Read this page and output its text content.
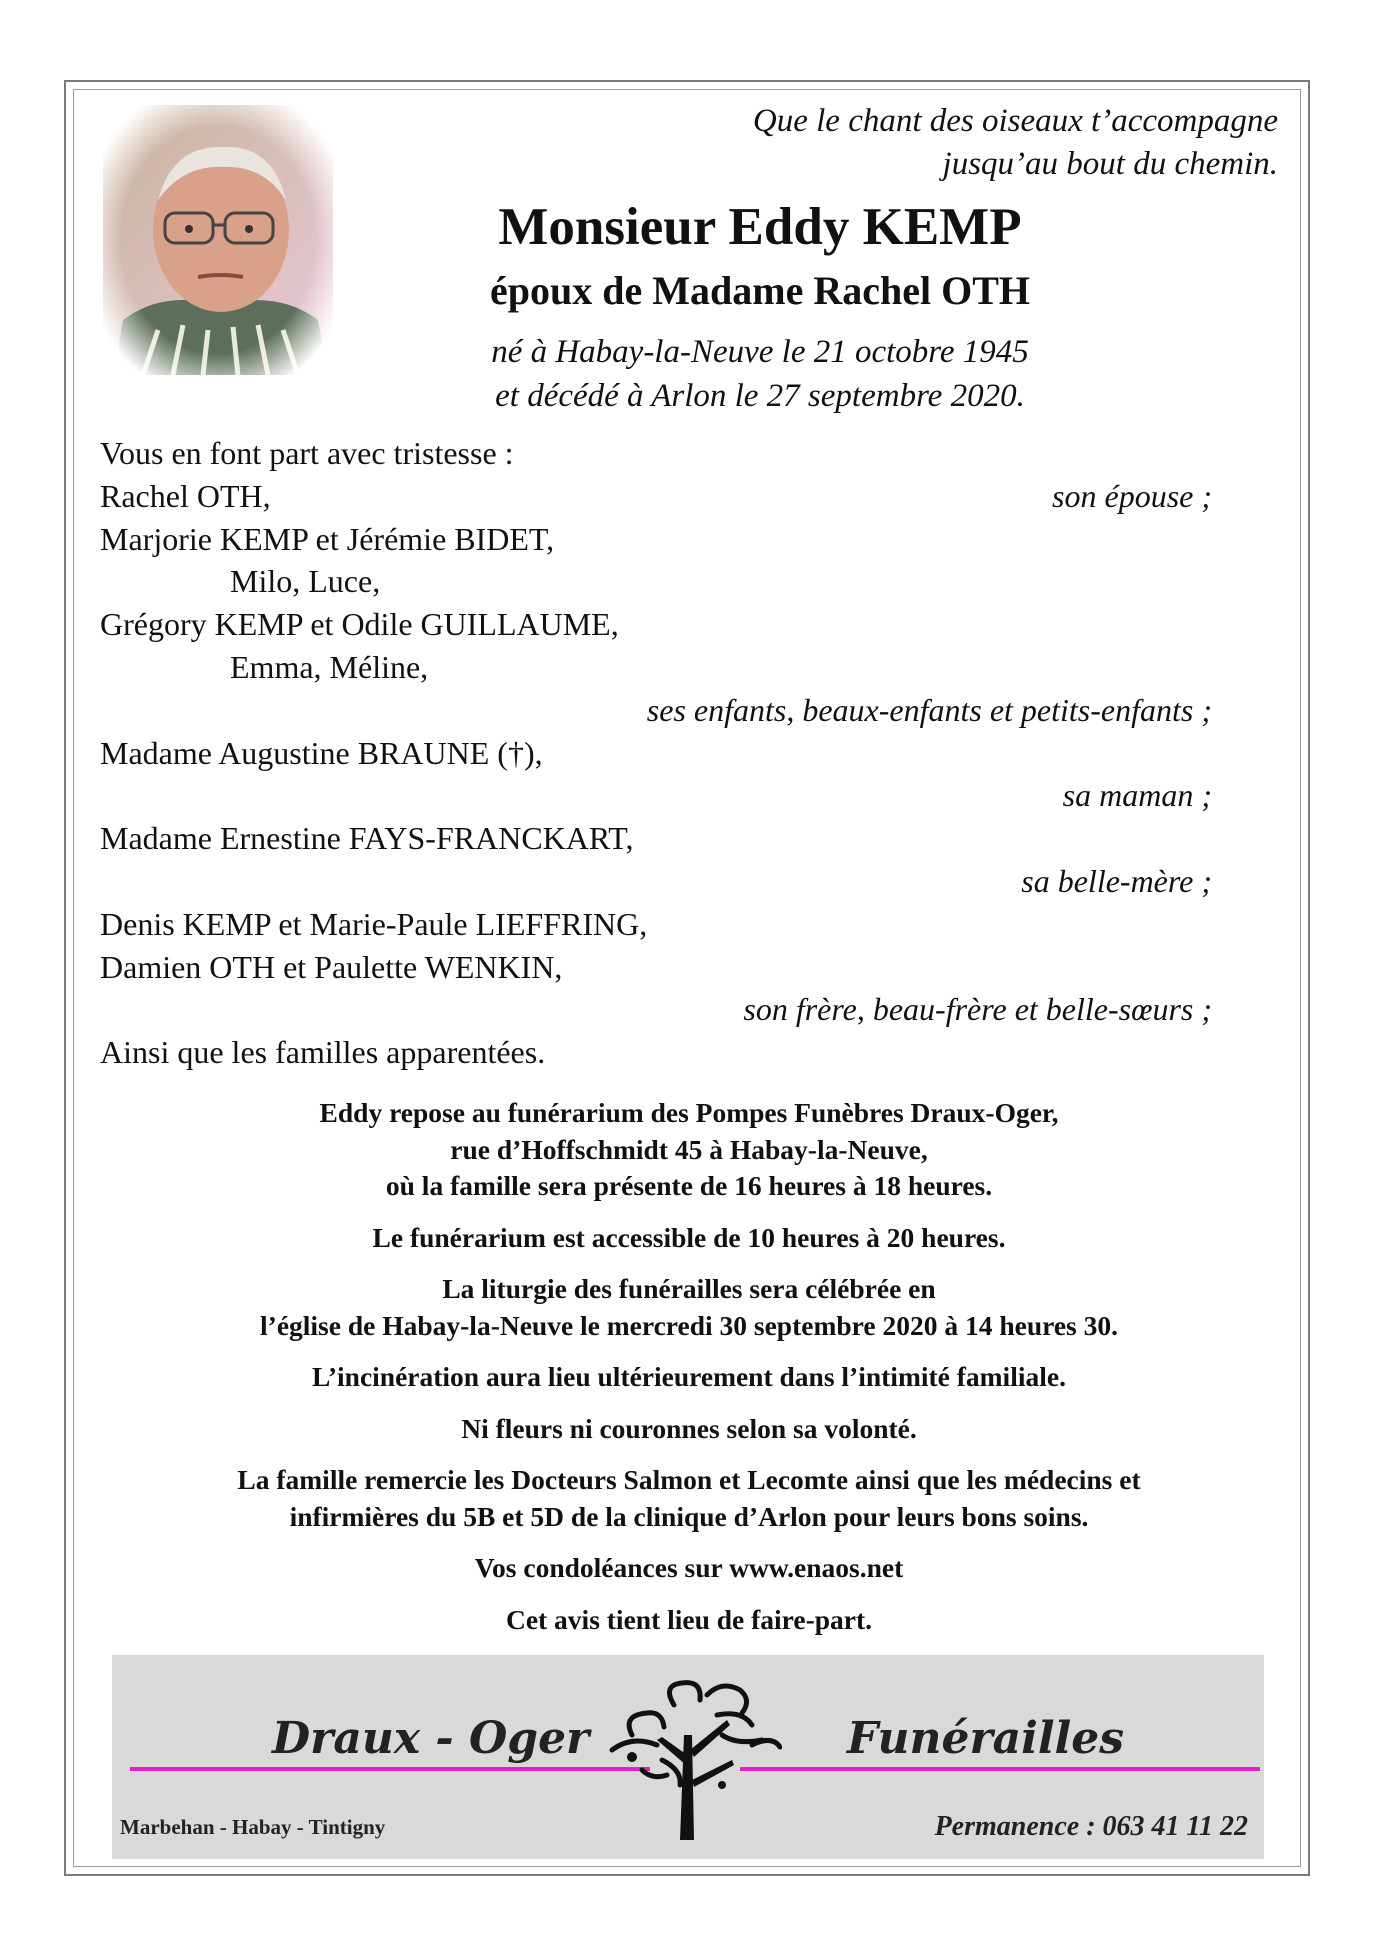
Que le chant des oiseaux t’accompagne
jusqu’au bout du chemin.
Monsieur Eddy KEMP
époux de Madame Rachel OTH
né à Habay-la-Neuve le 21 octobre 1945
et décédé à Arlon le 27 septembre 2020.
Vous en font part avec tristesse :
Rachel OTH,	son épouse ;
Marjorie KEMP et Jérémie BIDET,
Milo, Luce,
Grégory KEMP et Odile GUILLAUME,
Emma, Méline,
ses enfants, beaux-enfants et petits-enfants ;
Madame Augustine BRAUNE (†),
sa maman ;
Madame Ernestine FAYS-FRANCKART,
sa belle-mère ;
Denis KEMP et Marie-Paule LIEFFRING,
Damien OTH et Paulette WENKIN,
son frère, beau-frère et belle-sœurs ;
Ainsi que les familles apparentées.

Eddy repose au funérarium des Pompes Funèbres Draux-Oger,
rue d’Hoffschmidt 45 à Habay-la-Neuve,
où la famille sera présente de 16 heures à 18 heures.

Le funérarium est accessible de 10 heures à 20 heures.

La liturgie des funérailles sera célébrée en
l’église de Habay-la-Neuve le mercredi 30 septembre 2020 à 14 heures 30.

L’incinération aura lieu ultérieurement dans l’intimité familiale.

Ni fleurs ni couronnes selon sa volonté.

La famille remercie les Docteurs Salmon et Lecomte ainsi que les médecins et
infirmières du 5B et 5D de la clinique d’Arlon pour leurs bons soins.

Vos condoléances sur www.enaos.net

Cet avis tient lieu de faire-part.

Draux - Oger	Funérailles
Marbehan - Habay - Tintigny	Permanence : 063 41 11 22
